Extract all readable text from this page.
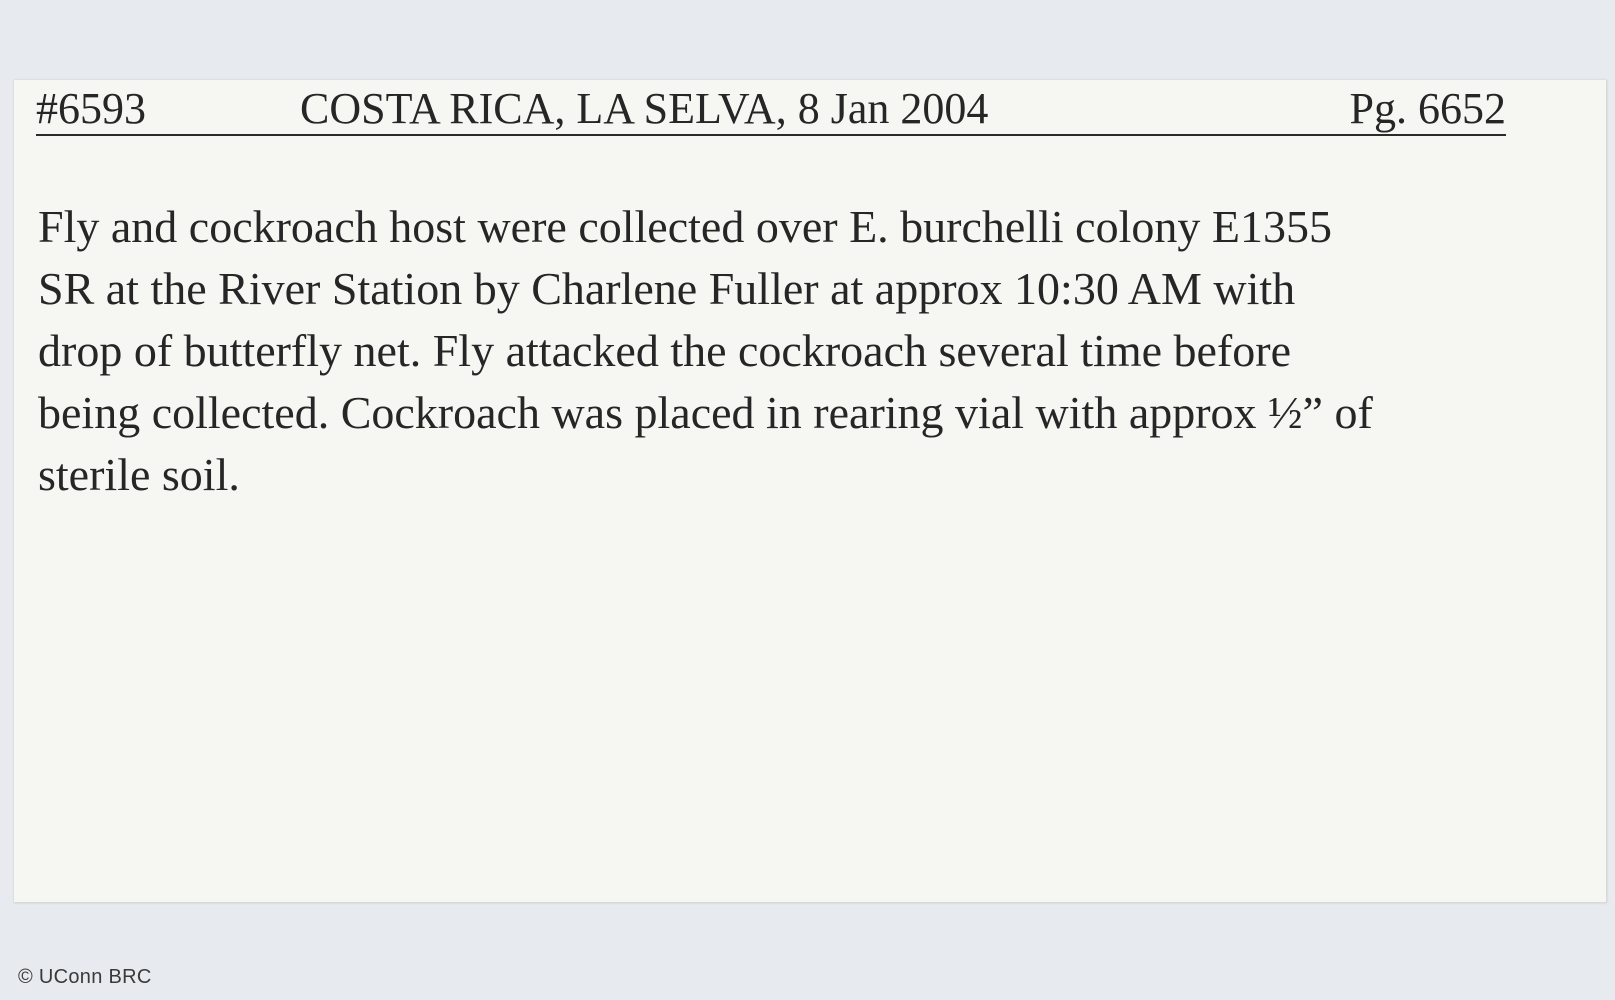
#6593	COSTA RICA, LA SELVA, 8 Jan 2004	Pg. 6652

Fly and cockroach host were collected over E. burchelli colony E1355
SR at the River Station by Charlene Fuller at approx 10:30 AM with
drop of butterfly net. Fly attacked the cockroach several time before
being collected. Cockroach was placed in rearing vial with approx ½” of
sterile soil.

© UConn BRC
